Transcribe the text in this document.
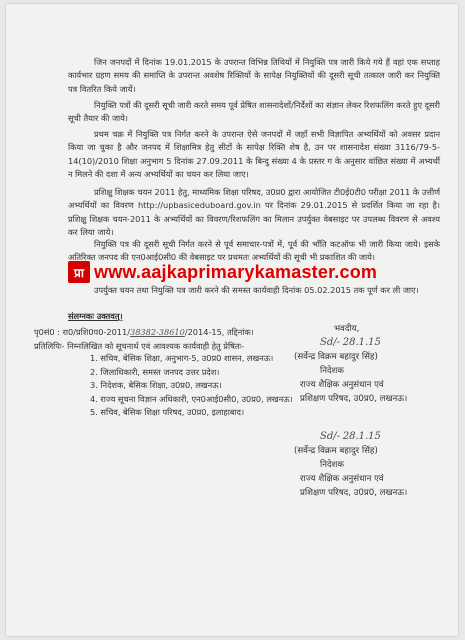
जिन जनपदों में दिनांक 19.01.2015 के उपरान्त विभिन्न तिथियों में नियुक्ति पत्र जारी किये गये हैं वहां एक सप्ताह कार्यभार ग्रहण समय की समाप्ति के उपरान्त अवशेष रिक्तियों के सापेक्ष नियुक्तियों की दूसरी सूची तत्काल जारी कर नियुक्ति पत्र वितरित किये जायें।
नियुक्ति पत्रों की दूसरी सूची जारी करते समय पूर्व प्रेषित शासनादेशों/निर्देशों का संज्ञान लेकर रिशफलिंग करते हुए दूसरी सूची तैयार की जाये।
प्रथम चक्र में नियुक्ति पत्र निर्गत करने के उपरान्त ऐसे जनपदों में जहाँ सभी विज्ञापित अभ्यर्थियों को अवसर प्रदान किया जा चुका है और जनपद में शिक्षामित्र हेतु सीटों के सापेक्ष रिक्ति शेष है, उन पर शासनादेश संख्या 3116/79-5-14(10)/2010 शिक्षा अनुभाग 5 दिनांक 27.09.2011 के बिन्दु संख्या 4 के प्रस्तर ग के अनुसार वांछित संख्या में अभ्यर्थी न मिलने की दशा में अन्य अभ्यर्थियों का चयन कर लिया जाए।
प्रशिक्षु शिक्षक चयन 2011 हेतु, माध्यमिक शिक्षा परिषद, उ0प्र0 द्वारा आयोजित टी0ई0टी0 परीक्षा 2011 के उत्तीर्ण अभ्यर्थियों का विवरण http://upbasiceduboard.gov.in पर दिनांक 29.01.2015 से प्रदर्शित किया जा रहा है। प्रशिक्षु शिक्षक चयन-2011 के अभ्यर्थियों का विवरण/रिशफलिंग का मिलान उपर्युक्त वेबसाइट पर उपलब्ध विवरण से अवश्य कर लिया जाये।
प्रा www.aajkaprimarykamaster.com
नियुक्ति पत्र की दूसरी सूची निर्गत करने से पूर्व समाचार-पत्रों में, पूर्व की भाँति कटऑफ भी जारी किया जाये। इसके अतिरिक्त जनपद की एन0आई0सी0 की वेबसाइट पर प्रथमतः अभ्यर्थियों की सूची भी प्रकाशित की जाये।
उपर्युक्त चयन तथा नियुक्ति पत्र जारी करने की समस्त कार्यवाही दिनांक 05.02.2015 तक पूर्ण कर ली जाए।
संलग्नकः उक्तवत्।
भवदीय,
Sd/- 28.1.15
(सर्वेन्द्र विक्रम बहादुर सिंह)
निदेशक
राज्य शैक्षिक अनुसंधान एवं
प्रशिक्षण परिषद, उ0प्र0, लखनऊ।
पृ0सं0 : रा0/प्रशि0प0-2011/38382-38610/2014-15, तद्दिनांक।
प्रतिलिपिः- निम्नलिखित को सूचनार्थ एवं आवश्यक कार्यवाही हेतु प्रेषितः-
1. सचिव, बेसिक शिक्षा, अनुभाग-5, उ0प्र0 शासन, लखनऊ।
2. जिलाधिकारी, समस्त जनपद उत्तर प्रदेश।
3. निदेशक, बेसिक शिक्षा, उ0प्र0, लखनऊ।
4. राज्य सूचना विज्ञान अधिकारी, एन0आई0सी0, उ0प्र0, लखनऊ।
5. सचिव, बेसिक शिक्षा परिषद, उ0प्र0, इलाहाबाद।
Sd/- 28.1.15
(सर्वेन्द्र विक्रम बहादुर सिंह)
निदेशक
राज्य शैक्षिक अनुसंधान एवं
प्रशिक्षण परिषद, उ0प्र0, लखनऊ।
